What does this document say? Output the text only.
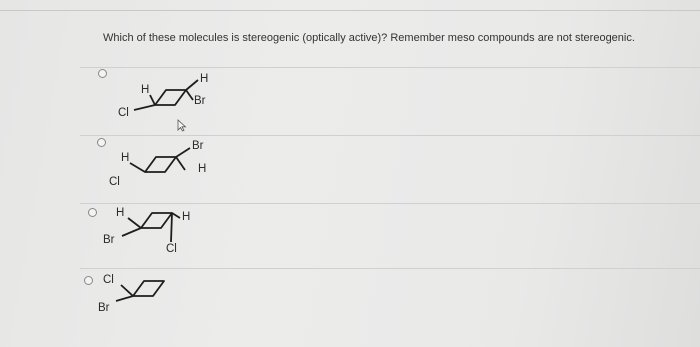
Which of these molecules is stereogenic (optically active)? Remember meso compounds are not stereogenic.
H
H
Br
Cl
H
Br
H
Cl
H	H
Br
Cl
Cl
Br
